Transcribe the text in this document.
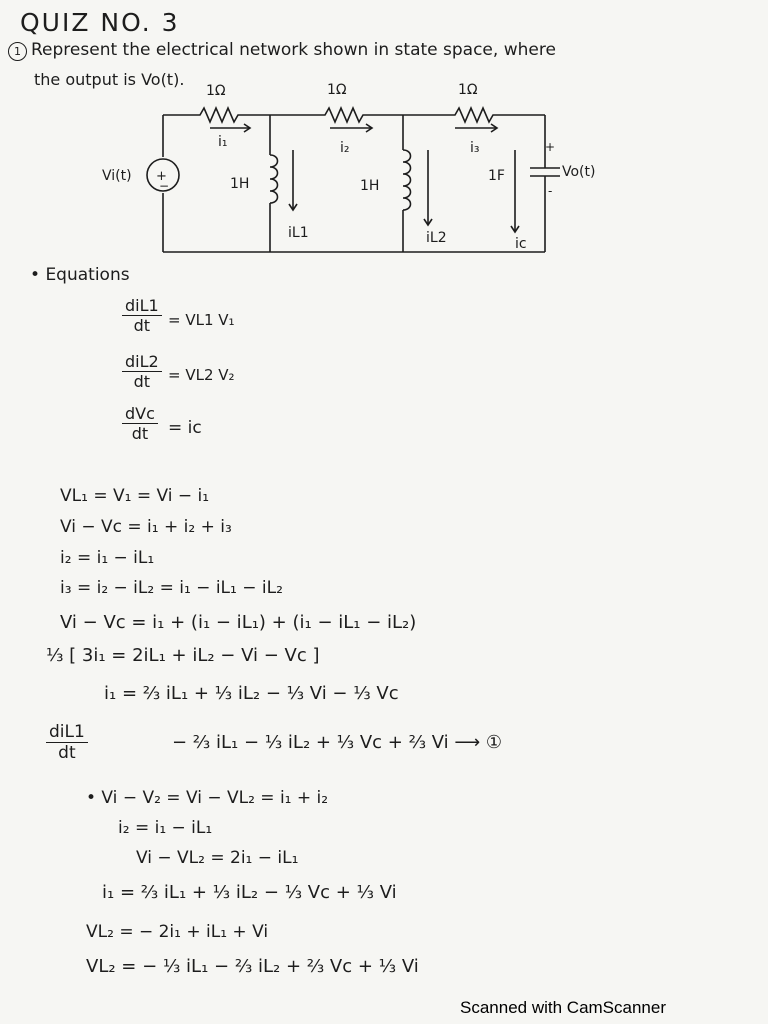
QUIZ NO. 3
1 Represent the electrical network shown in state space, where
the output is Vo(t).
+
−
1Ω	1Ω	1Ω
i₁	i₂	i₃
Vi(t)	1H	1H
1F
iL1	iL2	ic
+
Vo(t)
-
• Equations
diL1
dt = VL1 V₁
diL2
dt = VL2 V₂
dVc
dt = ic
VL₁ = V₁ = Vi − i₁
Vi − Vc = i₁ + i₂ + i₃
i₂ = i₁ − iL₁
i₃ = i₂ − iL₂ = i₁ − iL₁ − iL₂
Vi − Vc = i₁ + (i₁ − iL₁) + (i₁ − iL₁ − iL₂)
⅓ [ 3i₁ = 2iL₁ + iL₂ − Vi − Vc ]
i₁ = ⅔ iL₁ + ⅓ iL₂ − ⅓ Vi − ⅓ Vc
diL1
dt	− ⅔ iL₁ − ⅓ iL₂ + ⅓ Vc + ⅔ Vi ⟶ ①
• Vi − V₂ = Vi − VL₂ = i₁ + i₂
i₂ = i₁ − iL₁
Vi − VL₂ = 2i₁ − iL₁
i₁ = ⅔ iL₁ + ⅓ iL₂ − ⅓ Vc + ⅓ Vi
VL₂ = − 2i₁ + iL₁ + Vi
VL₂ = − ⅓ iL₁ − ⅔ iL₂ + ⅔ Vc + ⅓ Vi
Scanned with CamScanner
